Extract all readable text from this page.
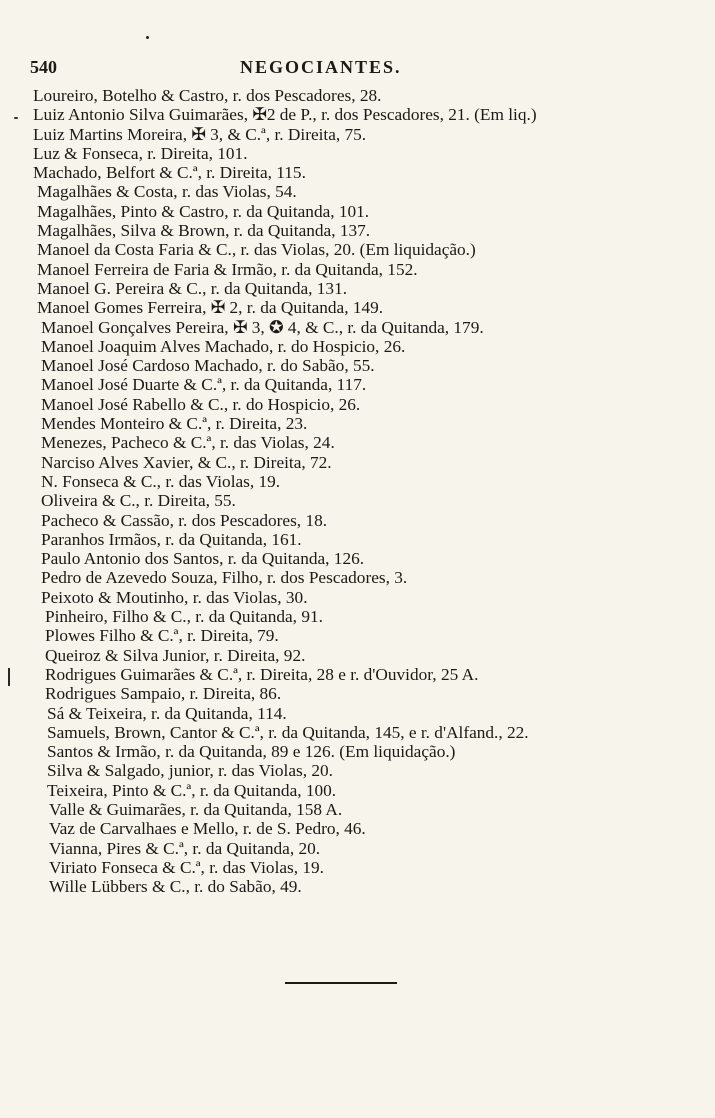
540	NEGOCIANTES.
Loureiro, Botelho & Castro, r. dos Pescadores, 28.
Luiz Antonio Silva Guimarães, ✠2 de P., r. dos Pescadores, 21. (Em liq.)
Luiz Martins Moreira, ✠ 3, & C.ª, r. Direita, 75.
Luz & Fonseca, r. Direita, 101.
Machado, Belfort & C.ª, r. Direita, 115.
Magalhães & Costa, r. das Violas, 54.
Magalhães, Pinto & Castro, r. da Quitanda, 101.
Magalhães, Silva & Brown, r. da Quitanda, 137.
Manoel da Costa Faria & C., r. das Violas, 20. (Em liquidação.)
Manoel Ferreira de Faria & Irmão, r. da Quitanda, 152.
Manoel G. Pereira & C., r. da Quitanda, 131.
Manoel Gomes Ferreira, ✠ 2, r. da Quitanda, 149.
Manoel Gonçalves Pereira, ✠ 3, ✪ 4, & C., r. da Quitanda, 179.
Manoel Joaquim Alves Machado, r. do Hospicio, 26.
Manoel José Cardoso Machado, r. do Sabão, 55.
Manoel José Duarte & C.ª, r. da Quitanda, 117.
Manoel José Rabello & C., r. do Hospicio, 26.
Mendes Monteiro & C.ª, r. Direita, 23.
Menezes, Pacheco & C.ª, r. das Violas, 24.
Narciso Alves Xavier, & C., r. Direita, 72.
N. Fonseca & C., r. das Violas, 19.
Oliveira & C., r. Direita, 55.
Pacheco & Cassão, r. dos Pescadores, 18.
Paranhos Irmãos, r. da Quitanda, 161.
Paulo Antonio dos Santos, r. da Quitanda, 126.
Pedro de Azevedo Souza, Filho, r. dos Pescadores, 3.
Peixoto & Moutinho, r. das Violas, 30.
Pinheiro, Filho & C., r. da Quitanda, 91.
Plowes Filho & C.ª, r. Direita, 79.
Queiroz & Silva Junior, r. Direita, 92.
Rodrigues Guimarães & C.ª, r. Direita, 28 e r. d'Ouvidor, 25 A.
Rodrigues Sampaio, r. Direita, 86.
Sá & Teixeira, r. da Quitanda, 114.
Samuels, Brown, Cantor & C.ª, r. da Quitanda, 145, e r. d'Alfand., 22.
Santos & Irmão, r. da Quitanda, 89 e 126. (Em liquidação.)
Silva & Salgado, junior, r. das Violas, 20.
Teixeira, Pinto & C.ª, r. da Quitanda, 100.
Valle & Guimarães, r. da Quitanda, 158 A.
Vaz de Carvalhaes e Mello, r. de S. Pedro, 46.
Vianna, Pires & C.ª, r. da Quitanda, 20.
Viriato Fonseca & C.ª, r. das Violas, 19.
Wille Lübbers & C., r. do Sabão, 49.
